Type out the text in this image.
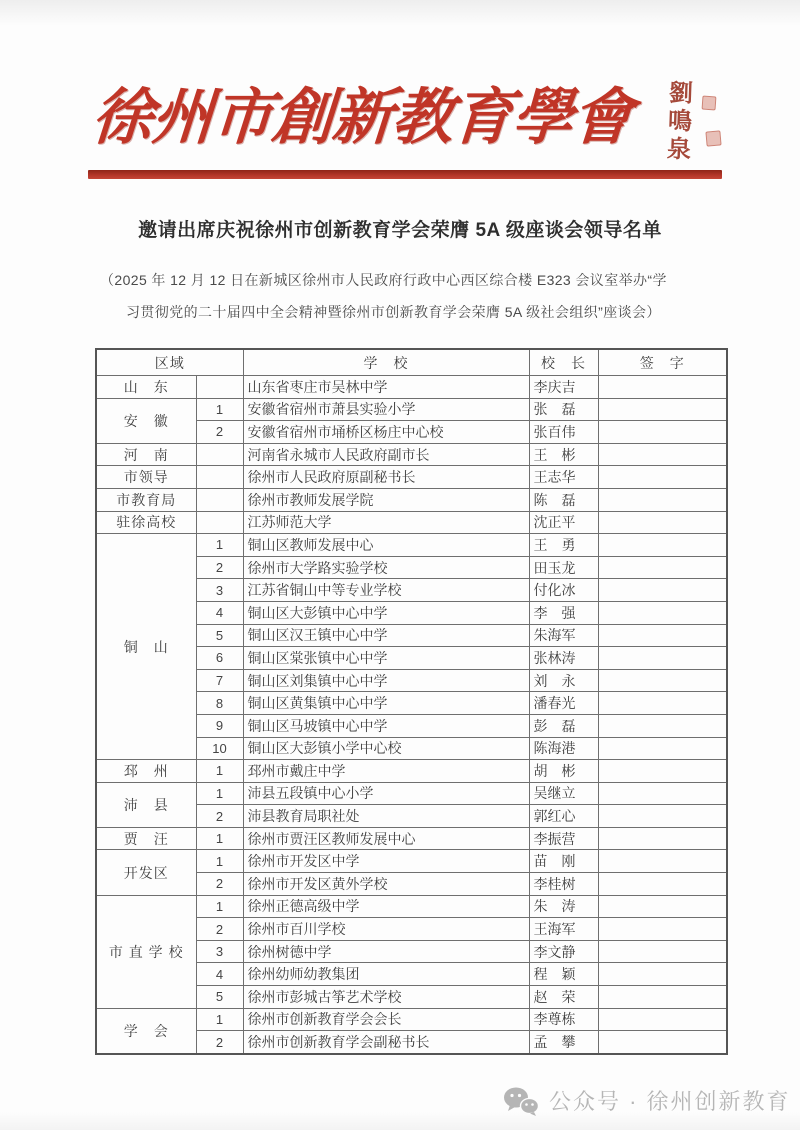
徐州市創新教育學會	劉鳴泉
邀请出席庆祝徐州市创新教育学会荣膺 5A 级座谈会领导名单
（2025 年 12 月 12 日在新城区徐州市人民政府行政中心西区综合楼 E323 会议室举办“学
习贯彻党的二十届四中全会精神暨徐州市创新教育学会荣膺 5A 级社会组织”座谈会）
区域		学　校	校　长	签　字
山　东		山东省枣庄市吴林中学	李庆吉	
安　徽	1	安徽省宿州市萧县实验小学	张　磊	
	2	安徽省宿州市埇桥区杨庄中心校	张百伟	
河　南		河南省永城市人民政府副市长	王　彬	
市领导		徐州市人民政府原副秘书长	王志华	
市教育局		徐州市教师发展学院	陈　磊	
驻徐高校		江苏师范大学	沈正平	
铜　山	1	铜山区教师发展中心	王　勇	
	2	徐州市大学路实验学校	田玉龙	
	3	江苏省铜山中等专业学校	付化冰	
	4	铜山区大彭镇中心中学	李　强	
	5	铜山区汉王镇中心中学	朱海军	
	6	铜山区棠张镇中心中学	张林涛	
	7	铜山区刘集镇中心中学	刘　永	
	8	铜山区黄集镇中心中学	潘春光	
	9	铜山区马坡镇中心中学	彭　磊	
	10	铜山区大彭镇小学中心校	陈海港	
邳　州	1	邳州市戴庄中学	胡　彬	
沛　县	1	沛县五段镇中心小学	吴继立	
	2	沛县教育局职社处	郭红心	
贾　汪	1	徐州市贾汪区教师发展中心	李振营	
开发区	1	徐州市开发区中学	苗　刚	
	2	徐州市开发区黄外学校	李桂树	
市 直 学 校	1	徐州正德高级中学	朱　涛	
	2	徐州市百川学校	王海军	
	3	徐州树德中学	李文静	
	4	徐州幼师幼教集团	程　颖	
	5	徐州市彭城古筝艺术学校	赵　荣	
学　会	1	徐州市创新教育学会会长	李尊栋	
	2	徐州市创新教育学会副秘书长	孟　攀	
公众号 · 徐州创新教育
